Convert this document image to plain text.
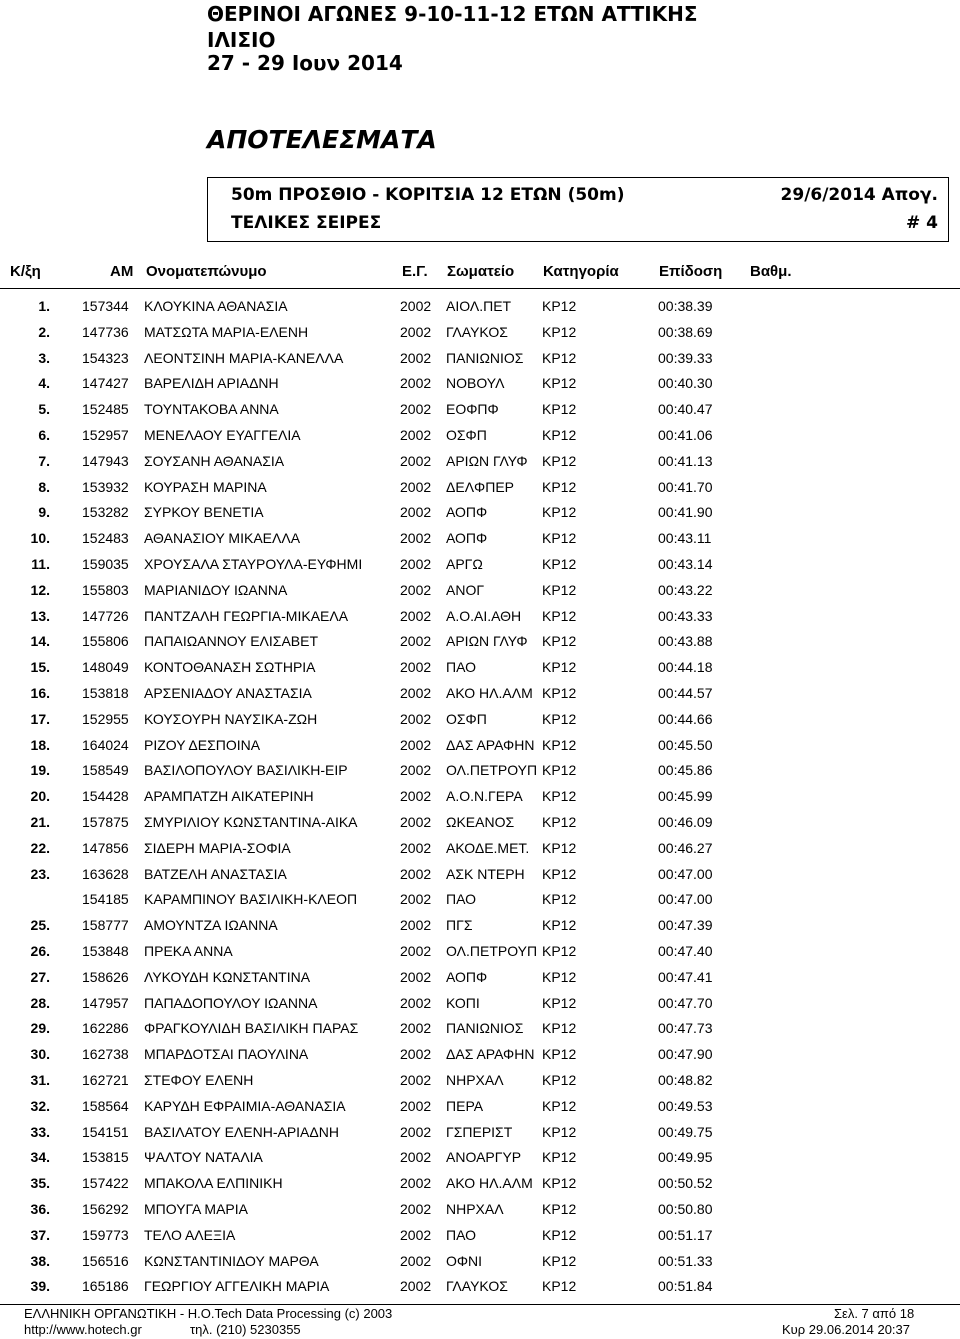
ΘΕΡΙΝΟΙ ΑΓΩΝΕΣ 9-10-11-12 ΕΤΩΝ ΑΤΤΙΚΗΣ
ΙΛΙΣΙΟ
27 - 29 Ιουν 2014
ΑΠΟΤΕΛΕΣΜΑΤΑ
50m ΠΡΟΣΘΙΟ - ΚΟΡΙΤΣΙΑ 12 ΕΤΩΝ (50m)	29/6/2014 Απογ.
ΤΕΛΙΚΕΣ ΣΕΙΡΕΣ	# 4
Κ/ξη	ΑΜ Ονοματεπώνυμο	Ε.Γ. Σωματείο Κατηγορία	Επίδοση Βαθμ.
1. 157344 ΚΛΟΥΚΙΝΑ ΑΘΑΝΑΣΙΑ	2002 ΑΙΟΛ.ΠΕΤ ΚΡ12	00:38.39
2. 147736 ΜΑΤΣΩΤΑ ΜΑΡΙΑ-ΕΛΕΝΗ	2002 ΓΛΑΥΚΟΣ ΚΡ12	00:38.69
3. 154323 ΛΕΟΝΤΣΙΝΗ ΜΑΡΙΑ-ΚΑΝΕΛΛΑ	2002 ΠΑΝΙΩΝΙΟΣ ΚΡ12	00:39.33
4. 147427 ΒΑΡΕΛΙΔΗ ΑΡΙΑΔΝΗ	2002 ΝΟΒΟΥΛ	ΚΡ12	00:40.30
5. 152485 ΤΟΥΝΤΑΚΟΒΑ ΑΝΝΑ	2002 ΕΟΦΠΦ	ΚΡ12	00:40.47
6. 152957 ΜΕΝΕΛΑΟΥ ΕΥΑΓΓΕΛΙΑ	2002 ΟΣΦΠ	ΚΡ12	00:41.06
7. 147943 ΣΟΥΣΑΝΗ ΑΘΑΝΑΣΙΑ	2002 ΑΡΙΩΝ ΓΛΥΦ ΚΡ12	00:41.13
8. 153932 ΚΟΥΡΑΣΗ ΜΑΡΙΝΑ	2002 ΔΕΛΦΠΕΡ ΚΡ12	00:41.70
9. 153282 ΣΥΡΚΟΥ ΒΕΝΕΤΙΑ	2002 ΑΟΠΦ	ΚΡ12	00:41.90
10. 152483 ΑΘΑΝΑΣΙΟΥ ΜΙΚΑΕΛΛΑ	2002 ΑΟΠΦ	ΚΡ12	00:43.11
11. 159035 ΧΡΟΥΣΑΛΑ ΣΤΑΥΡΟΥΛΑ-ΕΥΦΗΜΙ	2002 ΑΡΓΩ	ΚΡ12	00:43.14
12. 155803 ΜΑΡΙΑΝΙΔΟΥ ΙΩΑΝΝΑ	2002 ΑΝΟΓ	ΚΡ12	00:43.22
13. 147726 ΠΑΝΤΖΑΛΗ ΓΕΩΡΓΙΑ-ΜΙΚΑΕΛΑ	2002 Α.Ο.ΑΙ.ΑΘΗ ΚΡ12	00:43.33
14. 155806 ΠΑΠΑΙΩΑΝΝΟΥ ΕΛΙΣΑΒΕΤ	2002 ΑΡΙΩΝ ΓΛΥΦ ΚΡ12	00:43.88
15. 148049 ΚΟΝΤΟΘΑΝΑΣΗ ΣΩΤΗΡΙΑ	2002 ΠΑΟ	ΚΡ12	00:44.18
16. 153818 ΑΡΣΕΝΙΑΔΟΥ ΑΝΑΣΤΑΣΙΑ	2002 ΑΚΟ ΗΛ.ΑΛΜ ΚΡ12	00:44.57
17. 152955 ΚΟΥΣΟΥΡΗ ΝΑΥΣΙΚΑ-ΖΩΗ	2002 ΟΣΦΠ	ΚΡ12	00:44.66
18. 164024 ΡΙΖΟΥ ΔΕΣΠΟΙΝΑ	2002 ΔΑΣ ΑΡΑΦΗΝ ΚΡ12	00:45.50
19. 158549 ΒΑΣΙΛΟΠΟΥΛΟΥ ΒΑΣΙΛΙΚΗ-ΕΙΡ	2002 ΟΛ.ΠΕΤΡΟΥΠ ΚΡ12	00:45.86
20. 154428 ΑΡΑΜΠΑΤΖΗ ΑΙΚΑΤΕΡΙΝΗ	2002 Α.Ο.Ν.ΓΕΡΑ ΚΡ12	00:45.99
21. 157875 ΣΜΥΡΙΛΙΟΥ ΚΩΝΣΤΑΝΤΙΝΑ-ΑΙΚΑ	2002 ΩΚΕΑΝΟΣ ΚΡ12	00:46.09
22. 147856 ΣΙΔΕΡΗ ΜΑΡΙΑ-ΣΟΦΙΑ	2002 ΑΚΟΔΕ.ΜΕΤ. ΚΡ12	00:46.27
23. 163628 ΒΑΤΖΕΛΗ ΑΝΑΣΤΑΣΙΑ	2002 ΑΣΚ ΝΤΕΡΗ ΚΡ12	00:47.00
154185 ΚΑΡΑΜΠΙΝΟΥ ΒΑΣΙΛΙΚΗ-ΚΛΕΟΠ	2002 ΠΑΟ	ΚΡ12	00:47.00
25. 158777 ΑΜΟΥΝΤΖΑ ΙΩΑΝΝΑ	2002 ΠΓΣ	ΚΡ12	00:47.39
26. 153848 ΠΡΕΚΑ ΑΝΝΑ	2002 ΟΛ.ΠΕΤΡΟΥΠ ΚΡ12	00:47.40
27. 158626 ΛΥΚΟΥΔΗ ΚΩΝΣΤΑΝΤΙΝΑ	2002 ΑΟΠΦ	ΚΡ12	00:47.41
28. 147957 ΠΑΠΑΔΟΠΟΥΛΟΥ ΙΩΑΝΝΑ	2002 ΚΟΠΙ	ΚΡ12	00:47.70
29. 162286 ΦΡΑΓΚΟΥΛΙΔΗ ΒΑΣΙΛΙΚΗ ΠΑΡΑΣ	2002 ΠΑΝΙΩΝΙΟΣ ΚΡ12	00:47.73
30. 162738 ΜΠΑΡΔΟΤΣΑΙ ΠΑΟΥΛΙΝΑ	2002 ΔΑΣ ΑΡΑΦΗΝ ΚΡ12	00:47.90
31. 162721 ΣΤΕΦΟΥ ΕΛΕΝΗ	2002 ΝΗΡΧΑΛ	ΚΡ12	00:48.82
32. 158564 ΚΑΡΥΔΗ ΕΦΡΑΙΜΙΑ-ΑΘΑΝΑΣΙΑ	2002 ΠΕΡΑ	ΚΡ12	00:49.53
33. 154151 ΒΑΣΙΛΑΤΟΥ ΕΛΕΝΗ-ΑΡΙΑΔΝΗ	2002 ΓΣΠΕΡΙΣΤ ΚΡ12	00:49.75
34. 153815 ΨΑΛΤΟΥ ΝΑΤΑΛΙΑ	2002 ΑΝΟΑΡΓΥΡ ΚΡ12	00:49.95
35. 157422 ΜΠΑΚΟΛΑ ΕΛΠΙΝΙΚΗ	2002 ΑΚΟ ΗΛ.ΑΛΜ ΚΡ12	00:50.52
36. 156292 ΜΠΟΥΓΑ ΜΑΡΙΑ	2002 ΝΗΡΧΑΛ	ΚΡ12	00:50.80
37. 159773 ΤΕΛΟ ΑΛΕΞΙΑ	2002 ΠΑΟ	ΚΡ12	00:51.17
38. 156516 ΚΩΝΣΤΑΝΤΙΝΙΔΟΥ ΜΑΡΘΑ	2002 ΟΦΝΙ	ΚΡ12	00:51.33
39. 165186 ΓΕΩΡΓΙΟΥ ΑΓΓΕΛΙΚΗ ΜΑΡΙΑ	2002 ΓΛΑΥΚΟΣ ΚΡ12	00:51.84
ΕΛΛΗΝΙΚΗ ΟΡΓΑΝΩΤΙΚΗ - Η.Ο.Tech Data Processing (c) 2003
http://www.hotech.gr	τηλ. (210) 5230355
Σελ. 7 από 18
Κυρ 29.06.2014 20:37
